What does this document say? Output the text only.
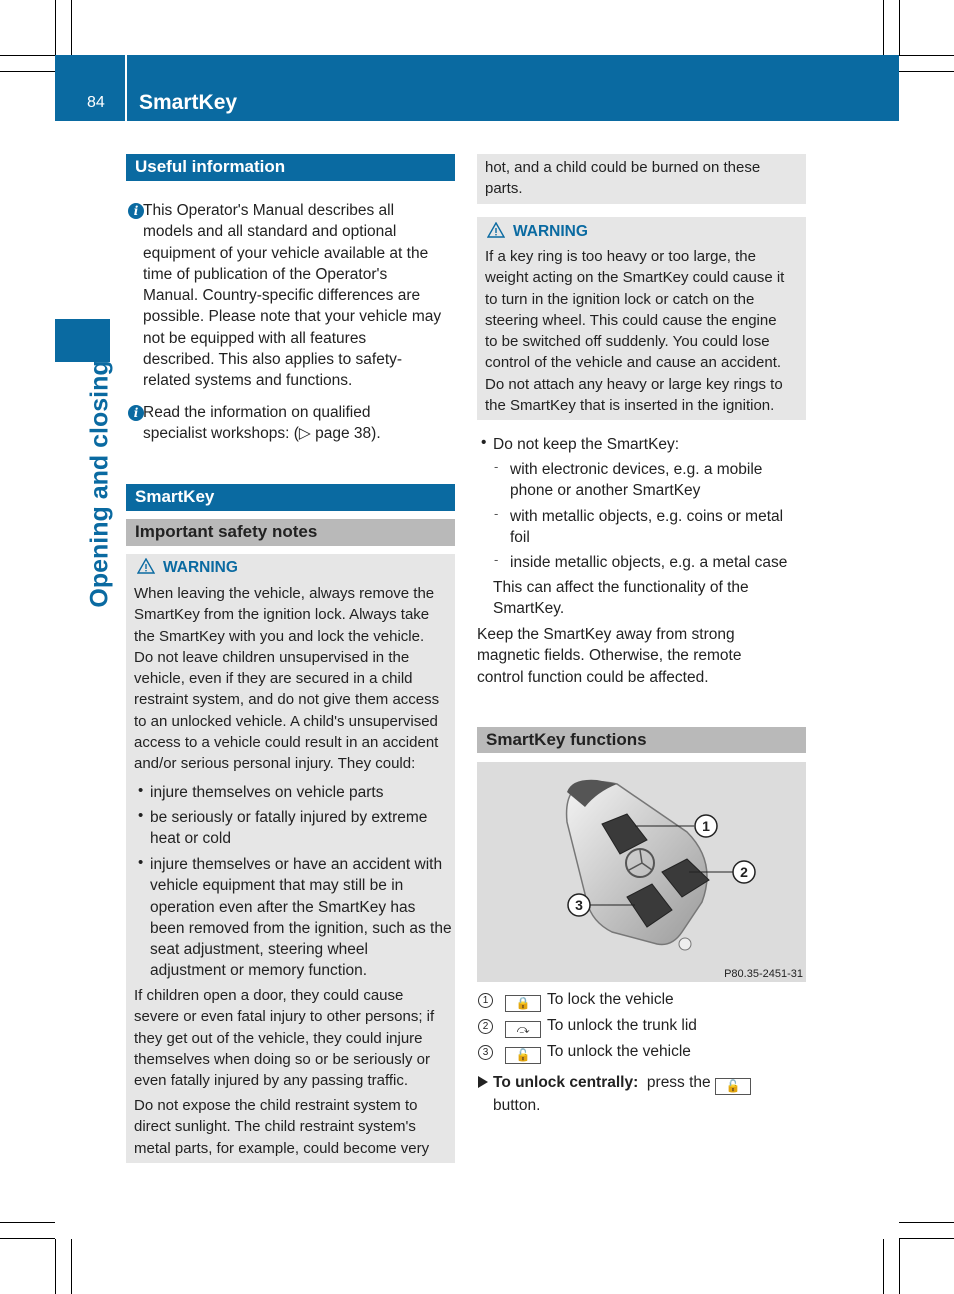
84 SmartKey
Opening and closing
Useful information
i This Operator's Manual describes all
models and all standard and optional
equipment of your vehicle available at the
time of publication of the Operator's
Manual. Country-specific differences are
possible. Please note that your vehicle may
not be equipped with all features
described. This also applies to safety-
related systems and functions.
i Read the information on qualified
specialist workshops: (▷ page 38).
SmartKey
Important safety notes
WARNING
When leaving the vehicle, always remove the
SmartKey from the ignition lock. Always take
the SmartKey with you and lock the vehicle.
Do not leave children unsupervised in the
vehicle, even if they are secured in a child
restraint system, and do not give them access
to an unlocked vehicle. A child's unsupervised
access to a vehicle could result in an accident
and/or serious personal injury. They could:
• injure themselves on vehicle parts
• be seriously or fatally injured by extreme
heat or cold
• injure themselves or have an accident with
vehicle equipment that may still be in
operation even after the SmartKey has
been removed from the ignition, such as the
seat adjustment, steering wheel
adjustment or memory function.
If children open a door, they could cause
severe or even fatal injury to other persons; if
they get out of the vehicle, they could injure
themselves when doing so or be seriously or
even fatally injured by any passing traffic.
Do not expose the child restraint system to
direct sunlight. The child restraint system's
metal parts, for example, could become very
hot, and a child could be burned on these
parts.
WARNING
If a key ring is too heavy or too large, the
weight acting on the SmartKey could cause it
to turn in the ignition lock or catch on the
steering wheel. This could cause the engine
to be switched off suddenly. You could lose
control of the vehicle and cause an accident.
Do not attach any heavy or large key rings to
the SmartKey that is inserted in the ignition.
• Do not keep the SmartKey:
- with electronic devices, e.g. a mobile
phone or another SmartKey
- with metallic objects, e.g. coins or metal
foil
- inside metallic objects, e.g. a metal case
This can affect the functionality of the
SmartKey.
Keep the SmartKey away from strong
magnetic fields. Otherwise, the remote
control function could be affected.
SmartKey functions
1
2
3
P80.35-2451-31
1 🔒 To lock the vehicle
2 ⤼ To unlock the trunk lid
3 🔓 To unlock the vehicle
To unlock centrally: press the 🔓
button.
